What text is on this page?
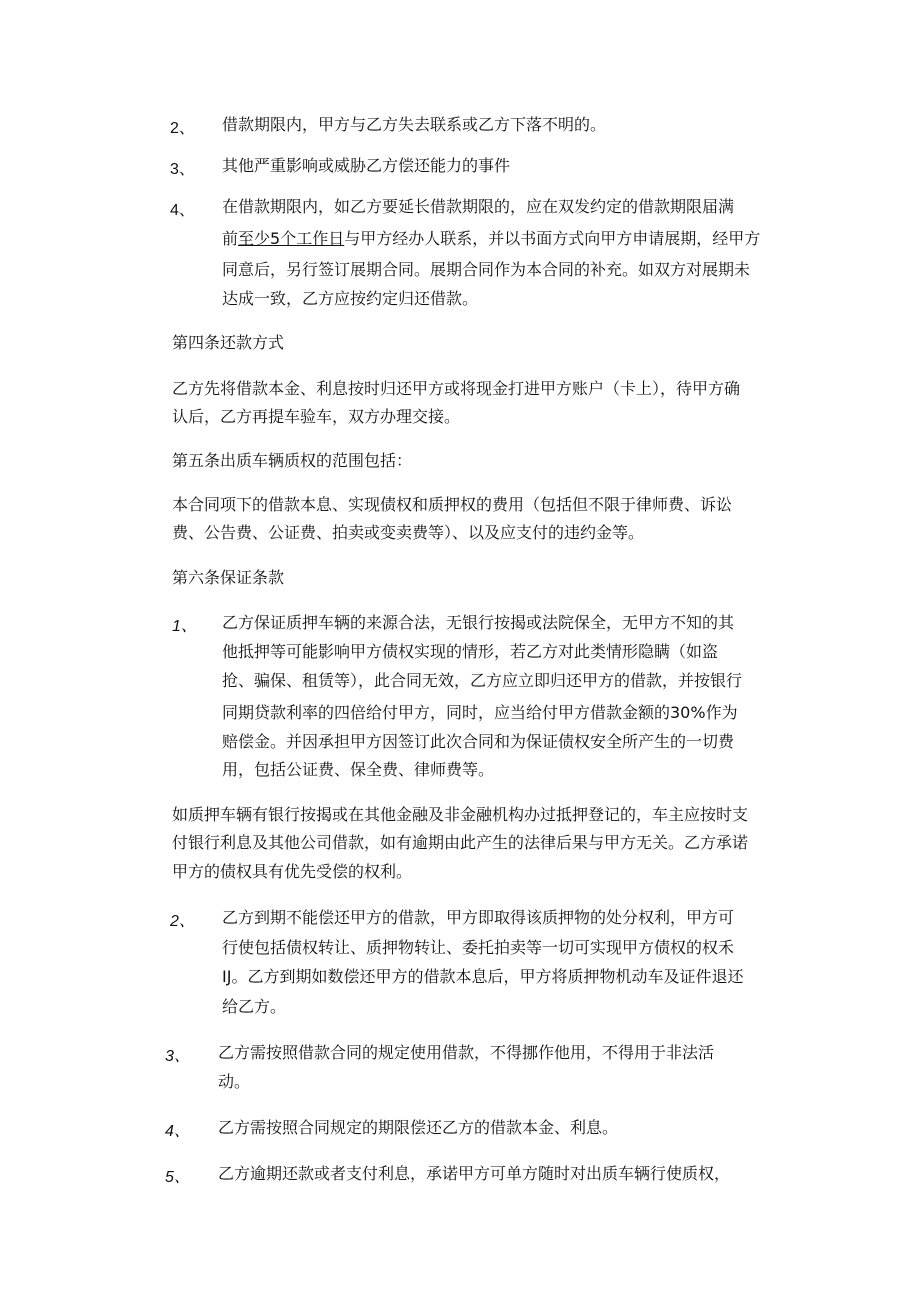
2、 借款期限内，甲方与乙方失去联系或乙方下落不明的。
3、 其他严重影响或威胁乙方偿还能力的事件
4、 在借款期限内，如乙方要延长借款期限的，应在双发约定的借款期限届满
前至少5个工作日与甲方经办人联系，并以书面方式向甲方申请展期，经甲方
同意后，另行签订展期合同。展期合同作为本合同的补充。如双方对展期未
达成一致，乙方应按约定归还借款。
第四条还款方式
乙方先将借款本金、利息按时归还甲方或将现金打进甲方账户（卡上），待甲方确
认后，乙方再提车验车，双方办理交接。
第五条出质车辆质权的范围包括：
本合同项下的借款本息、实现债权和质押权的费用（包括但不限于律师费、诉讼
费、公告费、公证费、拍卖或变卖费等）、以及应支付的违约金等。
第六条保证条款
1、 乙方保证质押车辆的来源合法，无银行按揭或法院保全，无甲方不知的其
他抵押等可能影响甲方债权实现的情形，若乙方对此类情形隐瞒（如盗
抢、骗保、租赁等），此合同无效，乙方应立即归还甲方的借款，并按银行
同期贷款利率的四倍给付甲方，同时，应当给付甲方借款金额的30%作为
赔偿金。并因承担甲方因签订此次合同和为保证债权安全所产生的一切费
用，包括公证费、保全费、律师费等。
如质押车辆有银行按揭或在其他金融及非金融机构办过抵押登记的，车主应按时支
付银行利息及其他公司借款，如有逾期由此产生的法律后果与甲方无关。乙方承诺
甲方的债权具有优先受偿的权利。
2、 乙方到期不能偿还甲方的借款，甲方即取得该质押物的处分权利，甲方可
行使包括债权转让、质押物转让、委托拍卖等一切可实现甲方债权的权禾
IJ。乙方到期如数偿还甲方的借款本息后，甲方将质押物机动车及证件退还
给乙方。
3、 乙方需按照借款合同的规定使用借款，不得挪作他用，不得用于非法活
动。
4、 乙方需按照合同规定的期限偿还乙方的借款本金、利息。
5、 乙方逾期还款或者支付利息，承诺甲方可单方随时对出质车辆行使质权，
